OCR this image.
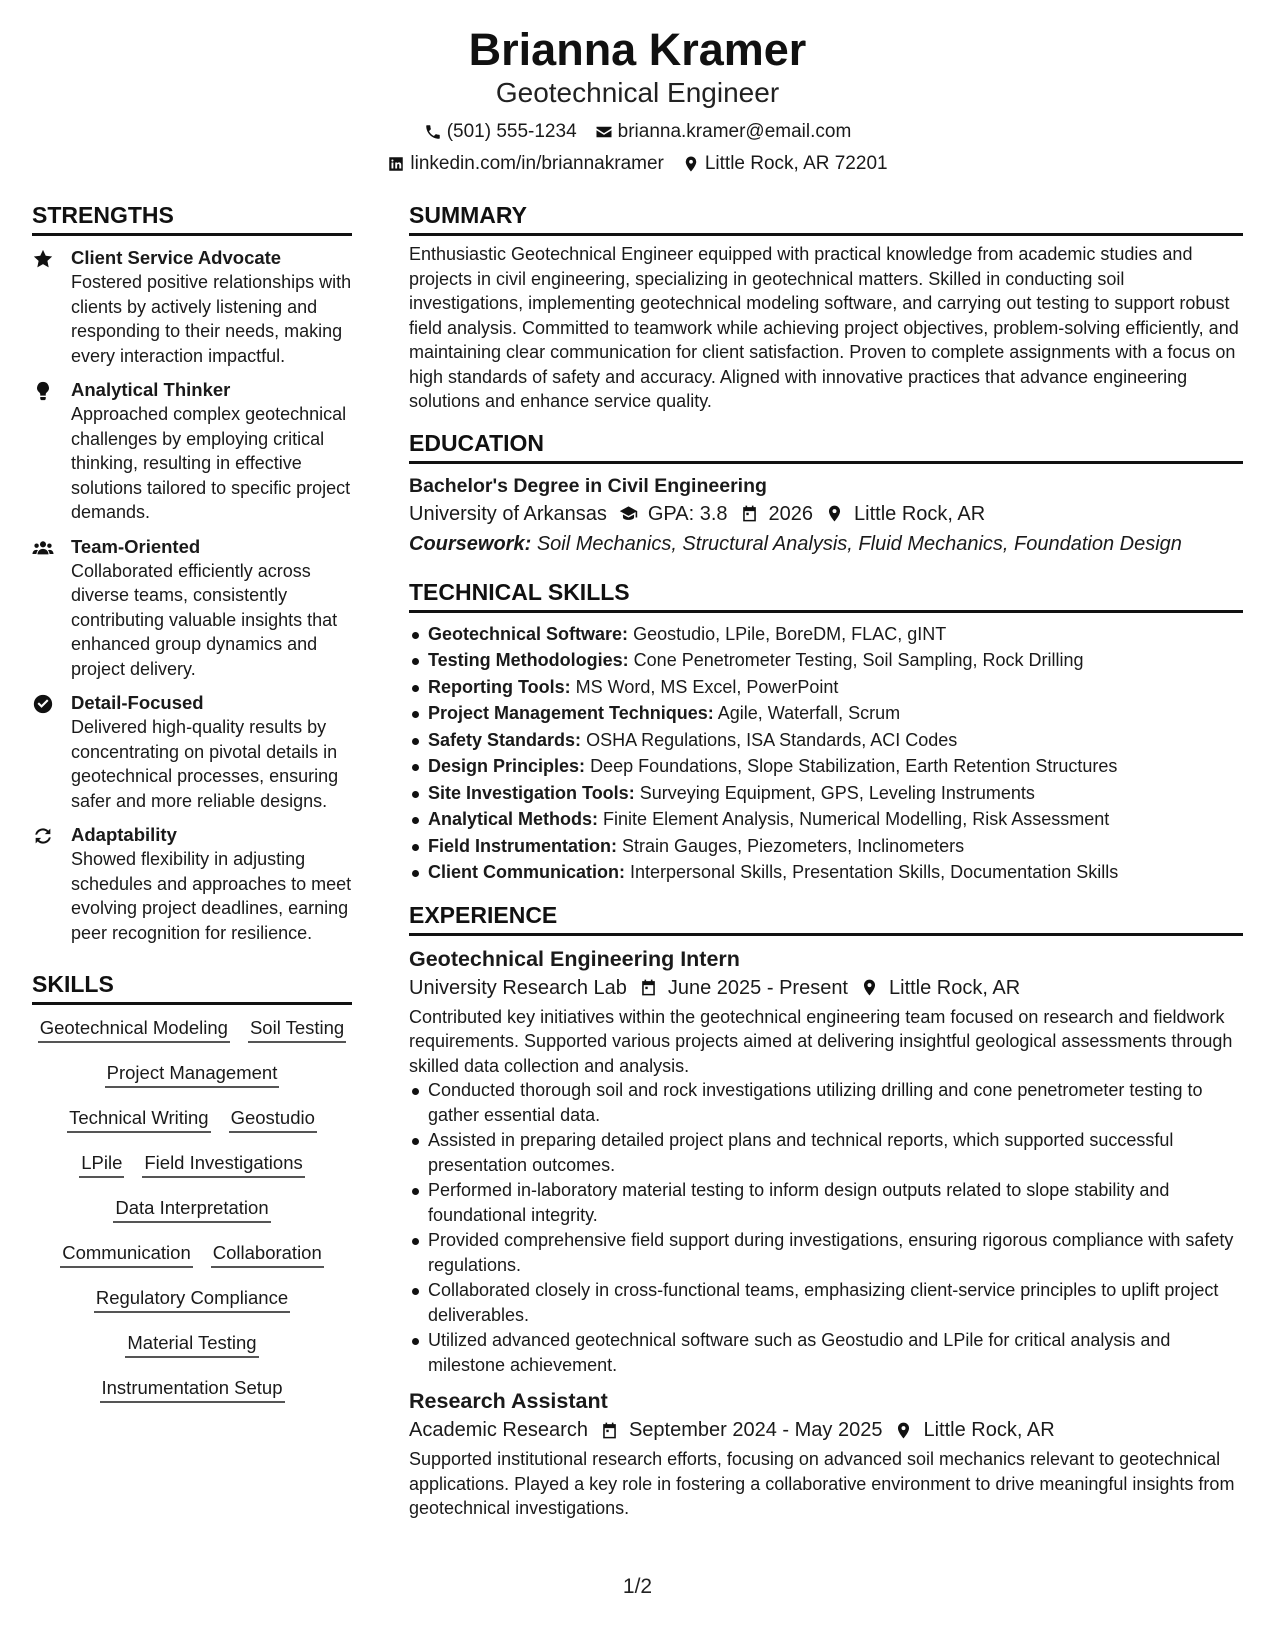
Brianna Kramer
Geotechnical Engineer
(501) 555-1234 brianna.kramer@email.com
linkedin.com/in/briannakramer Little Rock, AR 72201
STRENGTHS
Client Service Advocate
Fostered positive relationships with clients by actively listening and responding to their needs, making every interaction impactful.
Analytical Thinker
Approached complex geotechnical challenges by employing critical thinking, resulting in effective solutions tailored to specific project demands.
Team-Oriented
Collaborated efficiently across diverse teams, consistently contributing valuable insights that enhanced group dynamics and project delivery.
Detail-Focused
Delivered high-quality results by concentrating on pivotal details in geotechnical processes, ensuring safer and more reliable designs.
Adaptability
Showed flexibility in adjusting schedules and approaches to meet evolving project deadlines, earning peer recognition for resilience.
SKILLS
Geotechnical Modeling Soil Testing
Project Management
Technical Writing Geostudio
LPile Field Investigations
Data Interpretation
Communication Collaboration
Regulatory Compliance
Material Testing
Instrumentation Setup
SUMMARY
Enthusiastic Geotechnical Engineer equipped with practical knowledge from academic studies and projects in civil engineering, specializing in geotechnical matters. Skilled in conducting soil investigations, implementing geotechnical modeling software, and carrying out testing to support robust field analysis. Committed to teamwork while achieving project objectives, problem-solving efficiently, and maintaining clear communication for client satisfaction. Proven to complete assignments with a focus on high standards of safety and accuracy. Aligned with innovative practices that advance engineering solutions and enhance service quality.
EDUCATION
Bachelor's Degree in Civil Engineering
University of Arkansas GPA: 3.8 2026 Little Rock, AR
Coursework: Soil Mechanics, Structural Analysis, Fluid Mechanics, Foundation Design
TECHNICAL SKILLS
Geotechnical Software: Geostudio, LPile, BoreDM, FLAC, gINT
Testing Methodologies: Cone Penetrometer Testing, Soil Sampling, Rock Drilling
Reporting Tools: MS Word, MS Excel, PowerPoint
Project Management Techniques: Agile, Waterfall, Scrum
Safety Standards: OSHA Regulations, ISA Standards, ACI Codes
Design Principles: Deep Foundations, Slope Stabilization, Earth Retention Structures
Site Investigation Tools: Surveying Equipment, GPS, Leveling Instruments
Analytical Methods: Finite Element Analysis, Numerical Modelling, Risk Assessment
Field Instrumentation: Strain Gauges, Piezometers, Inclinometers
Client Communication: Interpersonal Skills, Presentation Skills, Documentation Skills
EXPERIENCE
Geotechnical Engineering Intern
University Research Lab June 2025 - Present Little Rock, AR
Contributed key initiatives within the geotechnical engineering team focused on research and fieldwork requirements. Supported various projects aimed at delivering insightful geological assessments through skilled data collection and analysis.
Conducted thorough soil and rock investigations utilizing drilling and cone penetrometer testing to gather essential data.
Assisted in preparing detailed project plans and technical reports, which supported successful presentation outcomes.
Performed in-laboratory material testing to inform design outputs related to slope stability and foundational integrity.
Provided comprehensive field support during investigations, ensuring rigorous compliance with safety regulations.
Collaborated closely in cross-functional teams, emphasizing client-service principles to uplift project deliverables.
Utilized advanced geotechnical software such as Geostudio and LPile for critical analysis and milestone achievement.
Research Assistant
Academic Research September 2024 - May 2025 Little Rock, AR
Supported institutional research efforts, focusing on advanced soil mechanics relevant to geotechnical applications. Played a key role in fostering a collaborative environment to drive meaningful insights from geotechnical investigations.
1/2
